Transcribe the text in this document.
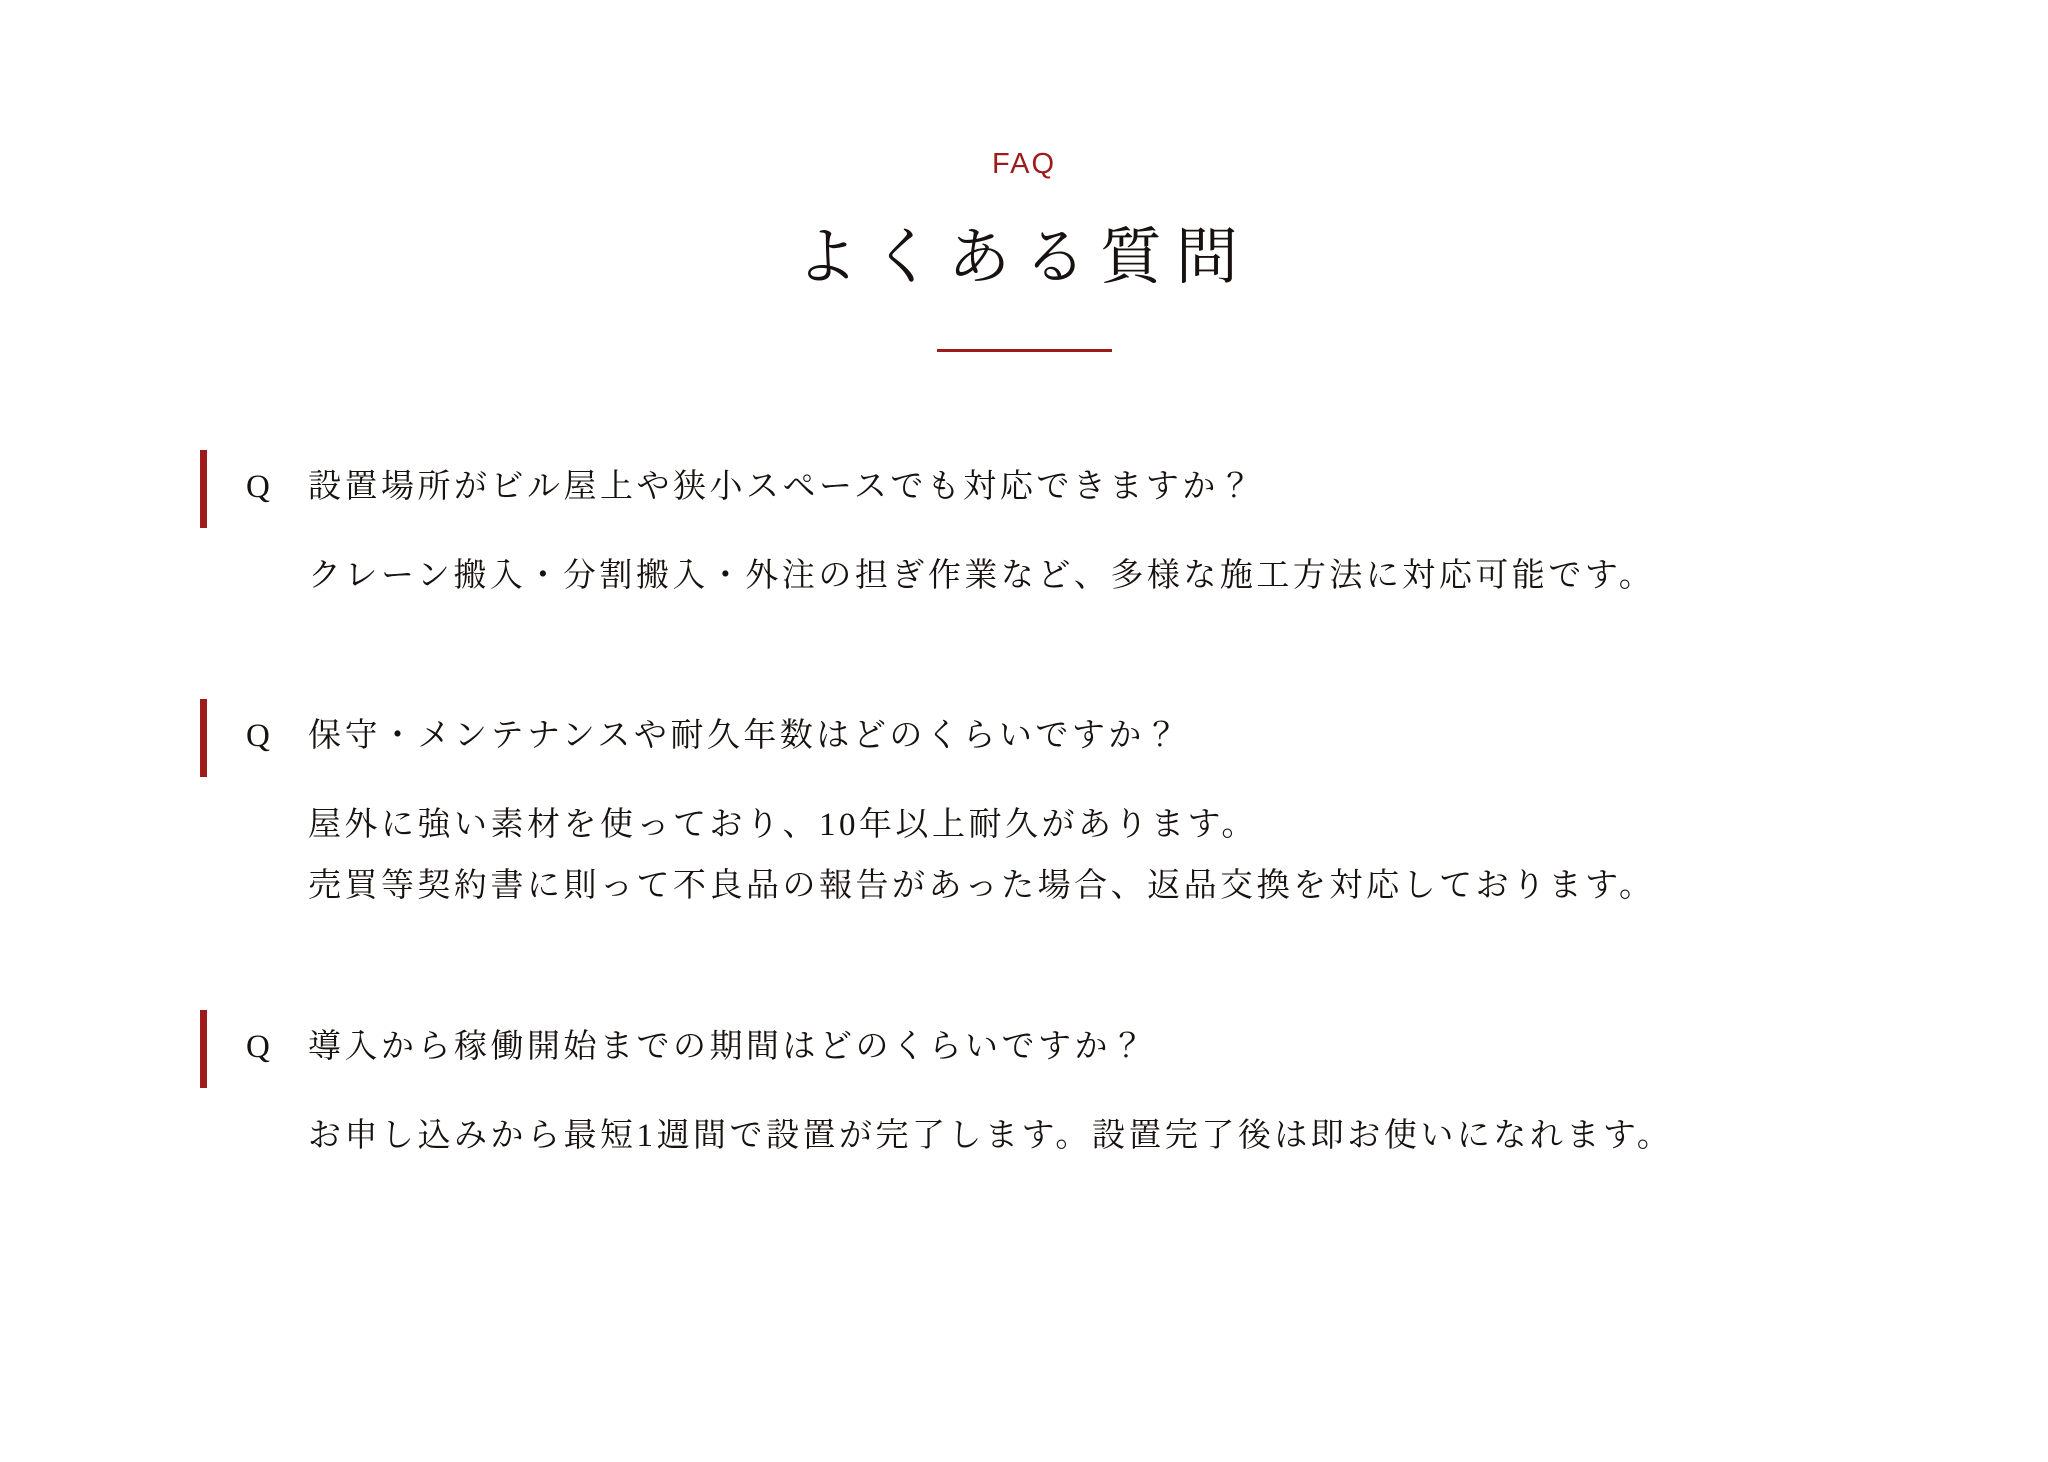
FAQ
よくある質問
Q	設置場所がビル屋上や狭小スペースでも対応できますか？
クレーン搬入・分割搬入・外注の担ぎ作業など、多様な施工方法に対応可能です。
Q	保守・メンテナンスや耐久年数はどのくらいですか？
屋外に強い素材を使っており、10年以上耐久があります。
売買等契約書に則って不良品の報告があった場合、返品交換を対応しております。
Q	導入から稼働開始までの期間はどのくらいですか？
お申し込みから最短1週間で設置が完了します。設置完了後は即お使いになれます。
